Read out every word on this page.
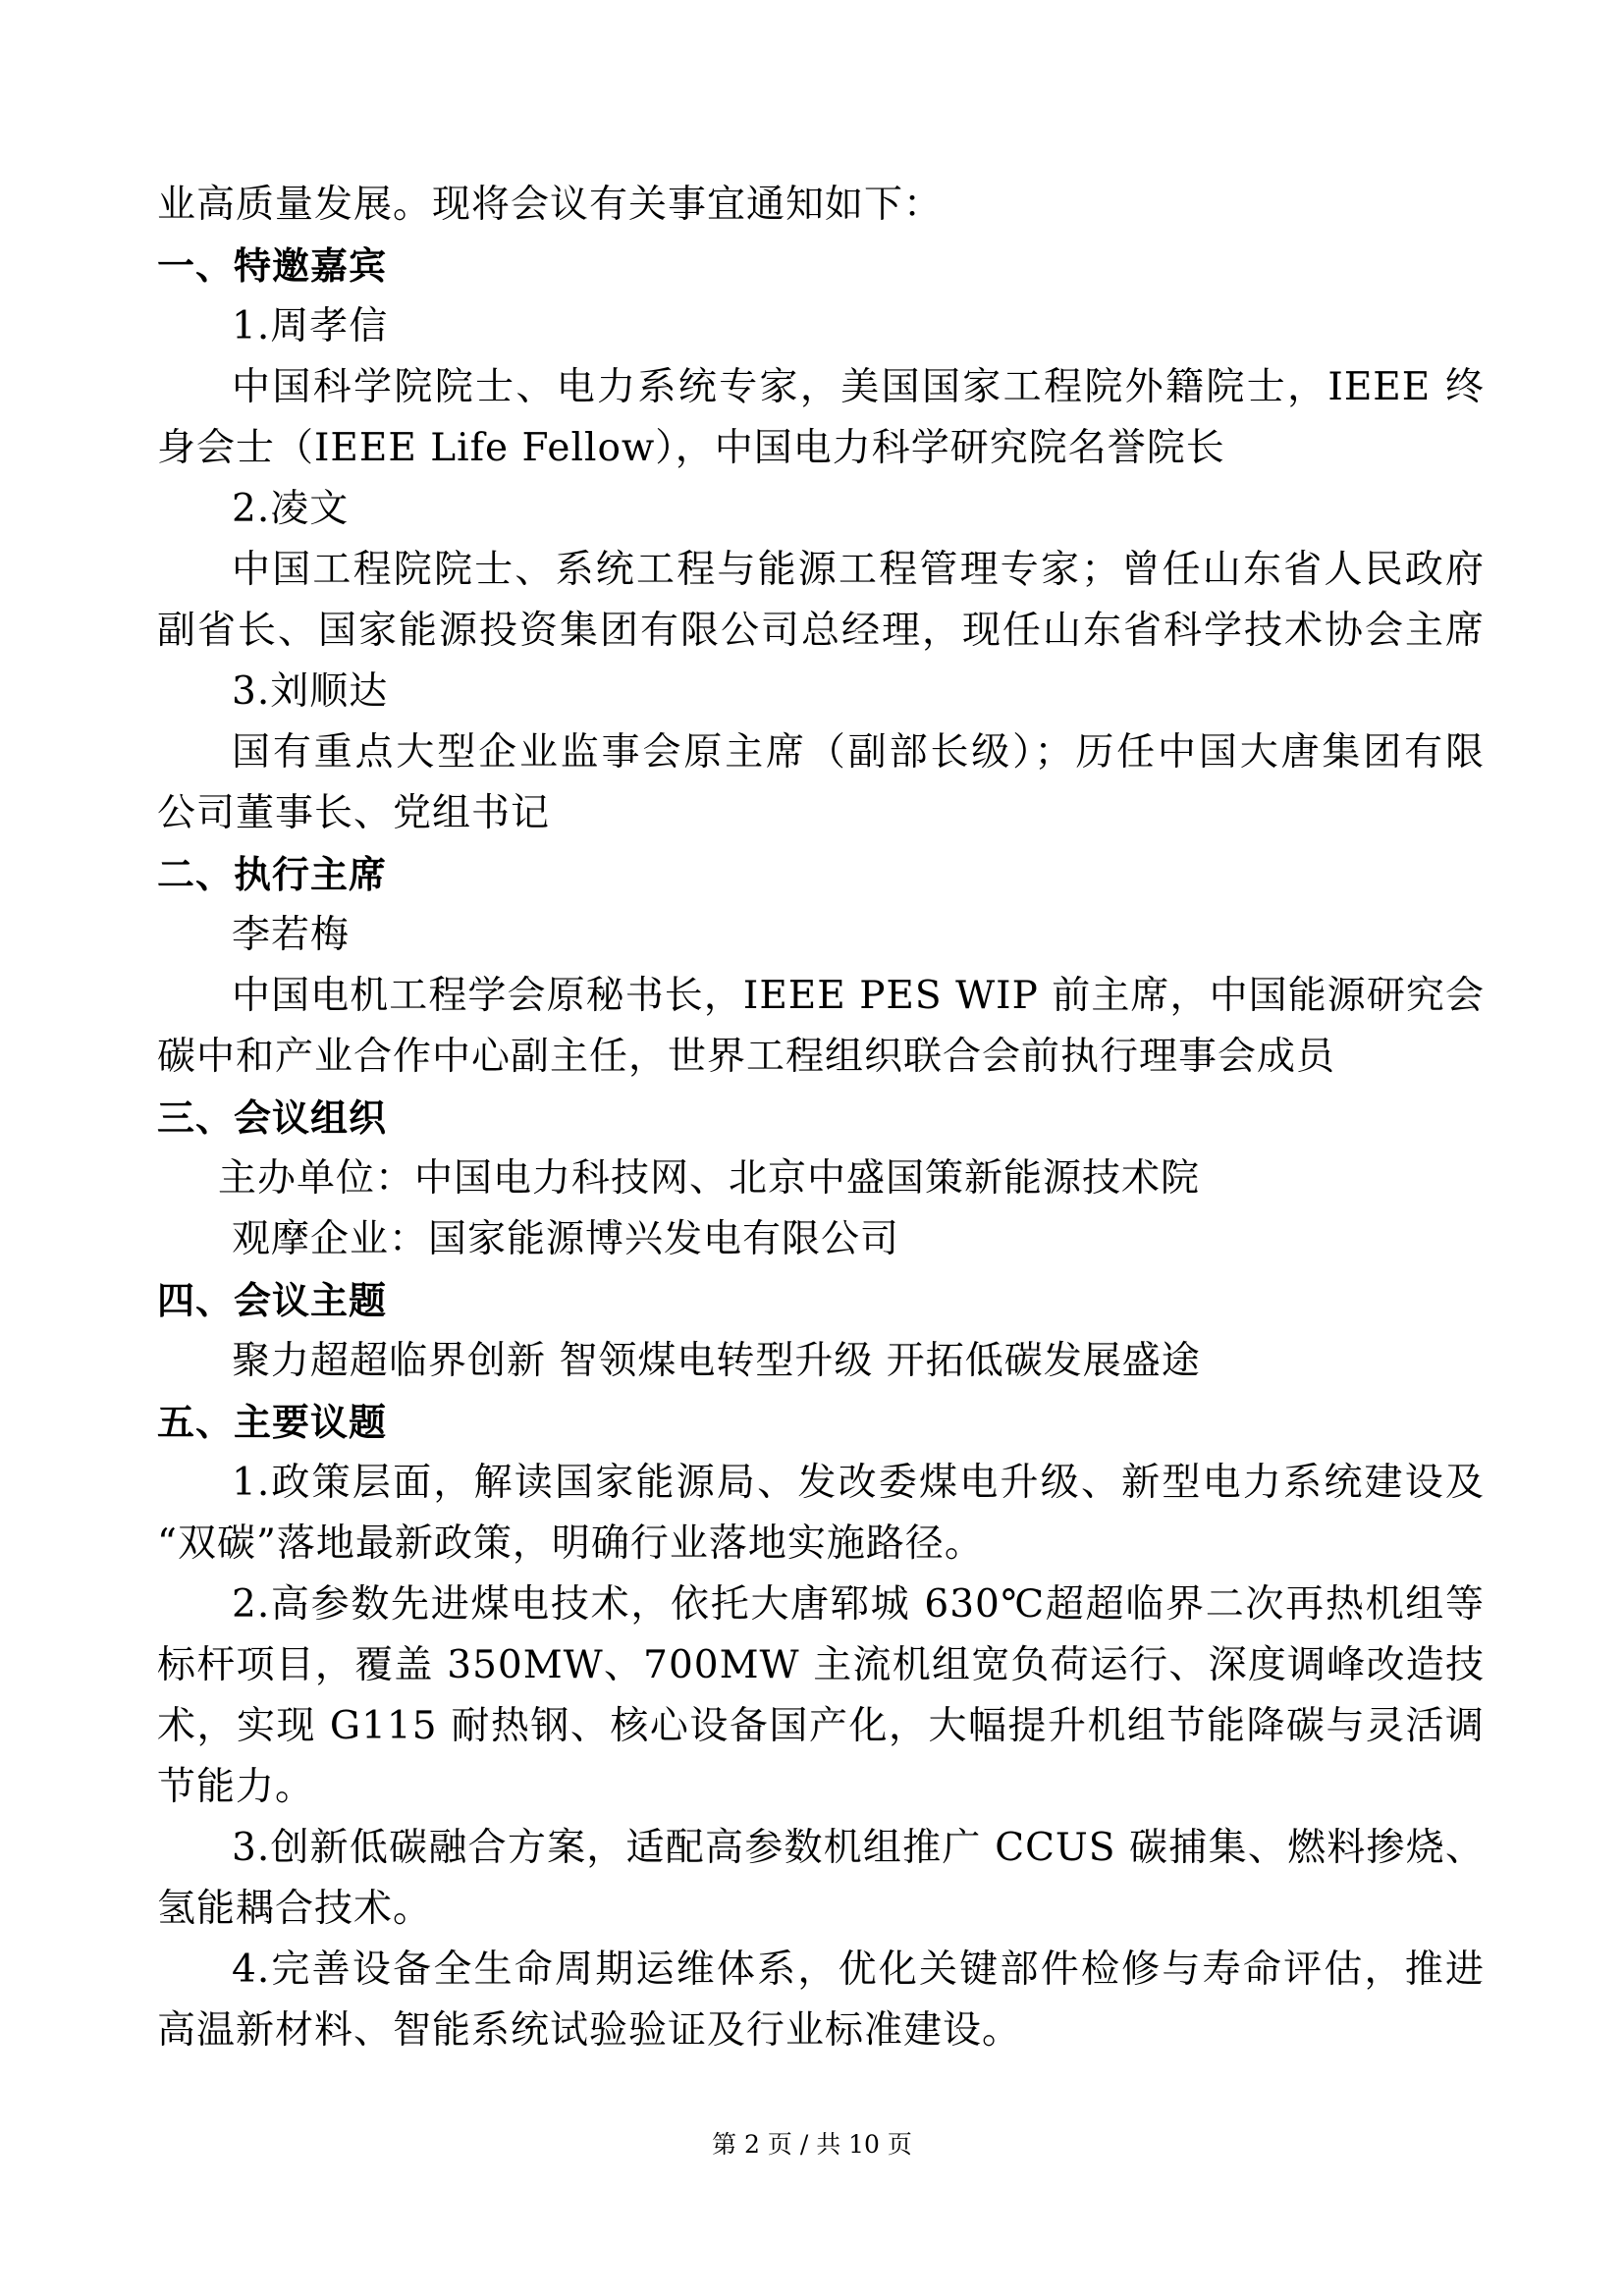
业高质量发展。现将会议有关事宜通知如下：
一、特邀嘉宾
1.周孝信
中国科学院院士、电力系统专家，美国国家工程院外籍院士，IEEE 终
身会士（IEEE Life Fellow），中国电力科学研究院名誉院长
2.凌文
中国工程院院士、系统工程与能源工程管理专家；曾任山东省人民政府
副省长、国家能源投资集团有限公司总经理，现任山东省科学技术协会主席
3.刘顺达
国有重点大型企业监事会原主席（副部长级）；历任中国大唐集团有限
公司董事长、党组书记
二、执行主席
李若梅
中国电机工程学会原秘书长，IEEE PES WIP 前主席，中国能源研究会
碳中和产业合作中心副主任，世界工程组织联合会前执行理事会成员
三、会议组织
主办单位：中国电力科技网、北京中盛国策新能源技术院
观摩企业：国家能源博兴发电有限公司
四、会议主题
聚力超超临界创新 智领煤电转型升级 开拓低碳发展盛途
五、主要议题
1.政策层面，解读国家能源局、发改委煤电升级、新型电力系统建设及
“双碳”落地最新政策，明确行业落地实施路径。
2.高参数先进煤电技术，依托大唐郓城 630℃超超临界二次再热机组等
标杆项目，覆盖 350MW、700MW 主流机组宽负荷运行、深度调峰改造技
术，实现 G115 耐热钢、核心设备国产化，大幅提升机组节能降碳与灵活调
节能力。
3.创新低碳融合方案，适配高参数机组推广 CCUS 碳捕集、燃料掺烧、
氢能耦合技术。
4.完善设备全生命周期运维体系，优化关键部件检修与寿命评估，推进
高温新材料、智能系统试验验证及行业标准建设。
第 2 页 / 共 10 页
